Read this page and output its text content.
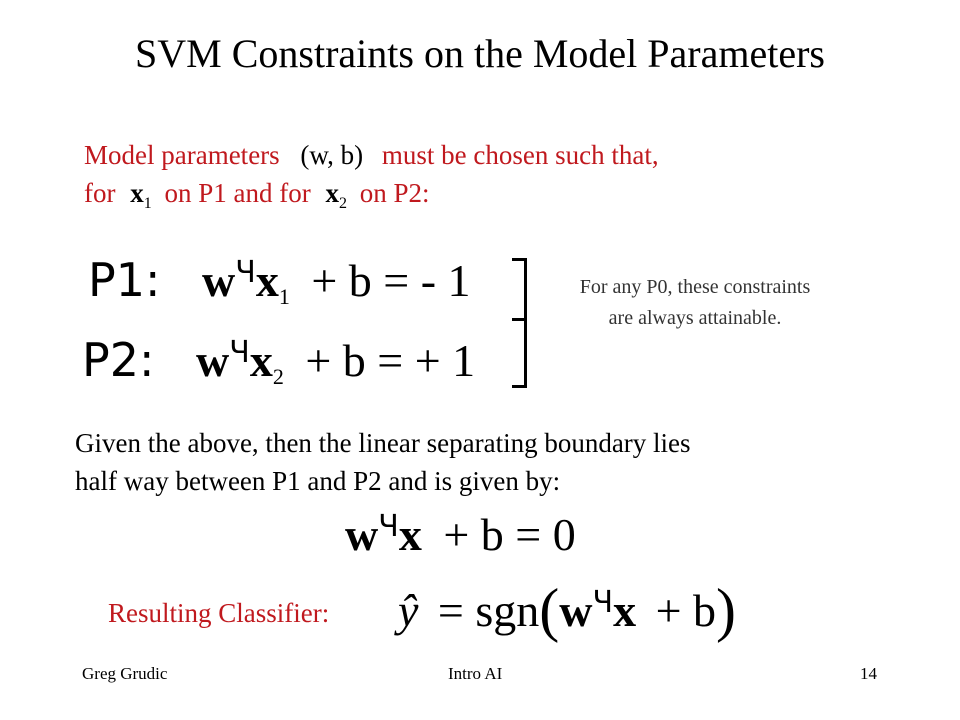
SVM Constraints on the Model Parameters
Model parameters (w, b) must be chosen such that,
for $x_1$ on P1 and for $x_2$ on P2:
P1: $w^Чx_1 + b$ = - 1
P2: $w^Чx_2 + b$ = + 1
For any P0, these constraints are always attainable.
Given the above, then the linear separating boundary lies
half way between P1 and P2 and is given by:
$w^Чx + b = 0$
Resulting Classifier: ŷ = $sgn(w^Чx + b)$
Greg Grudic	Intro AI	14
